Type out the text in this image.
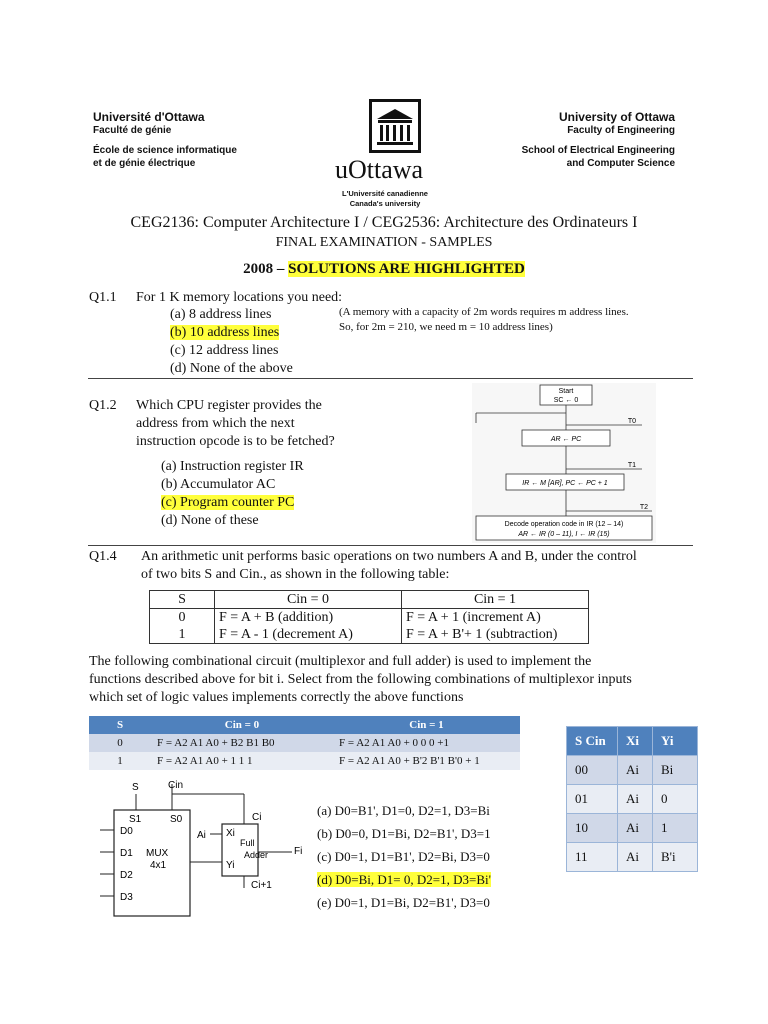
Université d'Ottawa
Faculté de génie
École de science informatique
et de génie électrique	uOttawa
L'Université canadienne
Canada's university
University of Ottawa
Faculty of Engineering
School of Electrical Engineering
and Computer Science
CEG2136: Computer Architecture I / CEG2536: Architecture des Ordinateurs I
FINAL EXAMINATION - SAMPLES
2008 – SOLUTIONS ARE HIGHLIGHTED
Q1.1 For 1 K memory locations you need:
(a) 8 address lines
(b) 10 address lines
(c) 12 address lines
(d) None of the above
(A memory with a capacity of 2m words requires m address lines.
So, for 2m = 210, we need m = 10 address lines)
Q1.2 Which CPU register provides the
address from which the next
instruction opcode is to be fetched?
(a) Instruction register IR
(b) Accumulator AC
(c) Program counter PC
(d) None of these
Start
SC ← 0
T0
AR ← PC
T1
IR ← M [AR], PC ← PC + 1
T2
Decode operation code in IR (12 – 14)
AR ← IR (0 – 11), I ← IR (15)
Q1.4 An arithmetic unit performs basic operations on two numbers A and B, under the control
of two bits S and Cin., as shown in the following table:
S	Cin = 0	Cin = 1
0	F = A + B (addition)	F = A + 1 (increment A)
1	F = A - 1 (decrement A)	F = A + B'+ 1 (subtraction)
The following combinational circuit (multiplexor and full adder) is used to implement the
functions described above for bit i. Select from the following combinations of multiplexor inputs
which set of logic values implements correctly the above functions
S	Cin = 0	Cin = 1
0	F = A2 A1 A0 + B2 B1 B0	F = A2 A1 A0 + 0 0 0 +1
1	F = A2 A1 A0 + 1 1 1	F = A2 A1 A0 + B'2 B'1 B'0 + 1
S Cin	Xi	Yi
00	Ai	Bi
01	Ai	0
10	Ai	1
11	Ai	B'i
S	Cin
S1	S0
D0
D1
D2
D3
MUX
4x1
Ai Xi
Yi
Ci
Ci+1
Full
Adder	Fi
(a) D0=B1', D1=0, D2=1, D3=Bi
(b) D0=0, D1=Bi, D2=B1', D3=1
(c) D0=1, D1=B1', D2=Bi, D3=0
(d) D0=Bi, D1= 0, D2=1, D3=Bi'
(e) D0=1, D1=Bi, D2=B1', D3=0
